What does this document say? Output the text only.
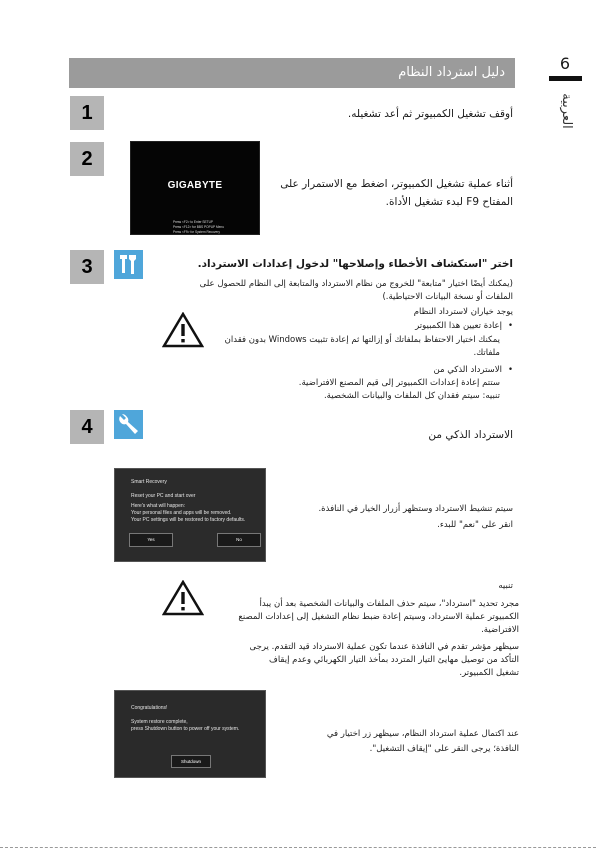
دليل استرداد النظام	6
العربية
1	أوقف تشغيل الكمبيوتر ثم أعد تشغيله.
2
GIGABYTE
Press <F2> to Enter SETUP
Press <F12> for BBS POPUP Menu
Press <F9> for System Recovery
أثناء عملية تشغيل الكمبيوتر، اضغط مع الاستمرار على
المفتاح F9 لبدء تشغيل الأداة.
3	اختر "استكشاف الأخطاء وإصلاحها" لدخول إعدادات الاسترداد.
(يمكنك أيضًا اختيار "متابعة" للخروج من نظام الاسترداد والمتابعة إلى النظام للحصول على
الملفات أو نسخة البيانات الاحتياطية.)
يوجد خياران لاسترداد النظام
• إعادة تعيين هذا الكمبيوتر
يمكنك اختيار الاحتفاظ بملفاتك أو إزالتها ثم إعادة تثبيت Windows بدون فقدان
ملفاتك.
• الاسترداد الذكي من
ستتم إعادة إعدادات الكمبيوتر إلى قيم المصنع الافتراضية.
تنبيه: سيتم فقدان كل الملفات والبيانات الشخصية.
4	الاسترداد الذكي من
Smart Recovery
Reset your PC and start over
Here's what will happen:
Your personal files and apps will be removed.
Your PC settings will be restored to factory defaults.
Yes	No
سيتم تنشيط الاسترداد وستظهر أزرار الخيار في النافذة.
انقر على "نعم" للبدء.
تنبيه
مجرد تحديد "استرداد"، سيتم حذف الملفات والبيانات الشخصية بعد أن يبدأ
الكمبيوتر عملية الاسترداد، وسيتم إعادة ضبط نظام التشغيل إلى إعدادات المصنع
الافتراضية.
سيظهر مؤشر تقدم في النافذة عندما تكون عملية الاسترداد قيد التقدم. يرجى
التأكد من توصيل مهايئ التيار المتردد بمأخذ التيار الكهربائي وعدم إيقاف
تشغيل الكمبيوتر.
Congratulations!
System restore complete,
press Shutdown button to power off your system.
Shutdown
عند اكتمال عملية استرداد النظام، سيظهر زر اختيار في
النافذة؛ يرجى النقر على "إيقاف التشغيل".
